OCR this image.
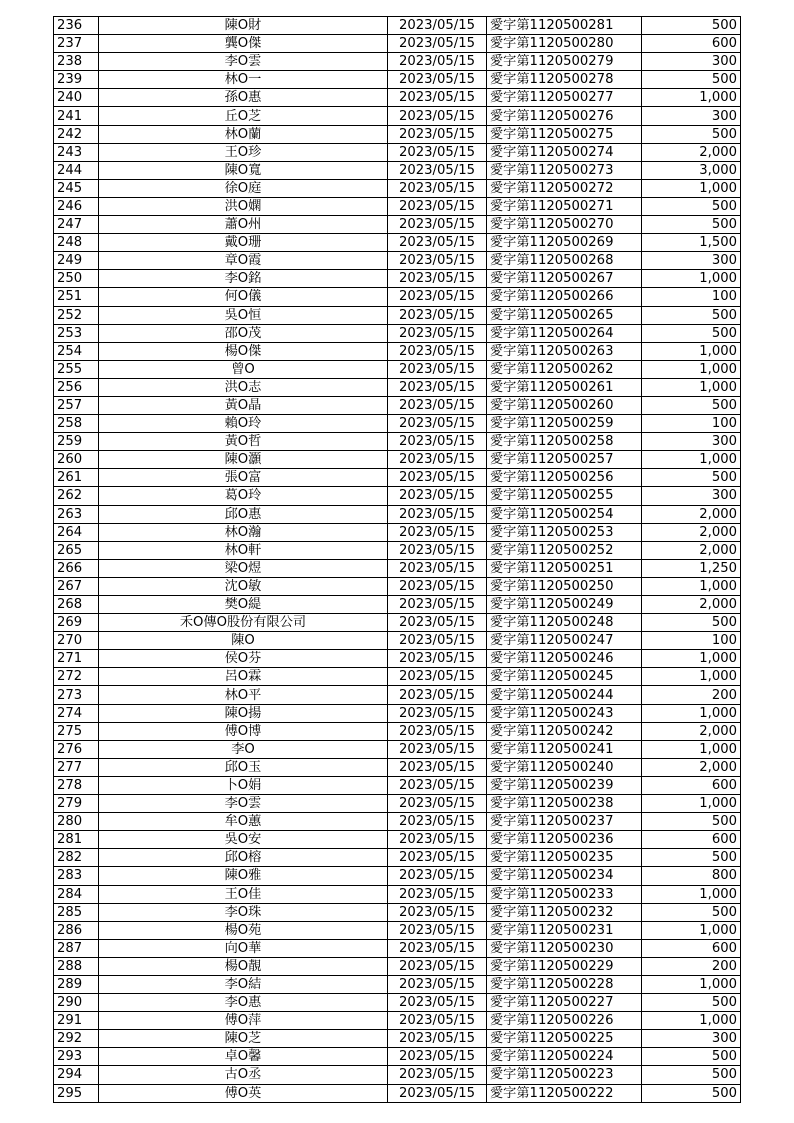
236	陳O財	2023/05/15	愛字第1120500281	500
237	龔O傑	2023/05/15	愛字第1120500280	600
238	李O雲	2023/05/15	愛字第1120500279	300
239	林O一	2023/05/15	愛字第1120500278	500
240	孫O惠	2023/05/15	愛字第1120500277	1,000
241	丘O芝	2023/05/15	愛字第1120500276	300
242	林O蘭	2023/05/15	愛字第1120500275	500
243	王O珍	2023/05/15	愛字第1120500274	2,000
244	陳O寬	2023/05/15	愛字第1120500273	3,000
245	徐O庭	2023/05/15	愛字第1120500272	1,000
246	洪O嫻	2023/05/15	愛字第1120500271	500
247	蕭O州	2023/05/15	愛字第1120500270	500
248	戴O珊	2023/05/15	愛字第1120500269	1,500
249	章O霞	2023/05/15	愛字第1120500268	300
250	李O銘	2023/05/15	愛字第1120500267	1,000
251	何O儀	2023/05/15	愛字第1120500266	100
252	吳O恒	2023/05/15	愛字第1120500265	500
253	邵O茂	2023/05/15	愛字第1120500264	500
254	楊O傑	2023/05/15	愛字第1120500263	1,000
255	曾O	2023/05/15	愛字第1120500262	1,000
256	洪O志	2023/05/15	愛字第1120500261	1,000
257	黃O晶	2023/05/15	愛字第1120500260	500
258	賴O玲	2023/05/15	愛字第1120500259	100
259	黃O哲	2023/05/15	愛字第1120500258	300
260	陳O灝	2023/05/15	愛字第1120500257	1,000
261	張O富	2023/05/15	愛字第1120500256	500
262	葛O玲	2023/05/15	愛字第1120500255	300
263	邱O惠	2023/05/15	愛字第1120500254	2,000
264	林O瀚	2023/05/15	愛字第1120500253	2,000
265	林O軒	2023/05/15	愛字第1120500252	2,000
266	梁O煜	2023/05/15	愛字第1120500251	1,250
267	沈O敏	2023/05/15	愛字第1120500250	1,000
268	樊O緹	2023/05/15	愛字第1120500249	2,000
269	禾O傳O股份有限公司	2023/05/15	愛字第1120500248	500
270	陳O	2023/05/15	愛字第1120500247	100
271	侯O芬	2023/05/15	愛字第1120500246	1,000
272	呂O霖	2023/05/15	愛字第1120500245	1,000
273	林O平	2023/05/15	愛字第1120500244	200
274	陳O揚	2023/05/15	愛字第1120500243	1,000
275	傅O博	2023/05/15	愛字第1120500242	2,000
276	李O	2023/05/15	愛字第1120500241	1,000
277	邱O玉	2023/05/15	愛字第1120500240	2,000
278	卜O娟	2023/05/15	愛字第1120500239	600
279	李O雲	2023/05/15	愛字第1120500238	1,000
280	牟O蕙	2023/05/15	愛字第1120500237	500
281	吳O安	2023/05/15	愛字第1120500236	600
282	邱O榕	2023/05/15	愛字第1120500235	500
283	陳O雅	2023/05/15	愛字第1120500234	800
284	王O佳	2023/05/15	愛字第1120500233	1,000
285	李O珠	2023/05/15	愛字第1120500232	500
286	楊O苑	2023/05/15	愛字第1120500231	1,000
287	向O華	2023/05/15	愛字第1120500230	600
288	楊O靚	2023/05/15	愛字第1120500229	200
289	李O結	2023/05/15	愛字第1120500228	1,000
290	李O惠	2023/05/15	愛字第1120500227	500
291	傅O萍	2023/05/15	愛字第1120500226	1,000
292	陳O芝	2023/05/15	愛字第1120500225	300
293	卓O馨	2023/05/15	愛字第1120500224	500
294	古O丞	2023/05/15	愛字第1120500223	500
295	傅O英	2023/05/15	愛字第1120500222	500
